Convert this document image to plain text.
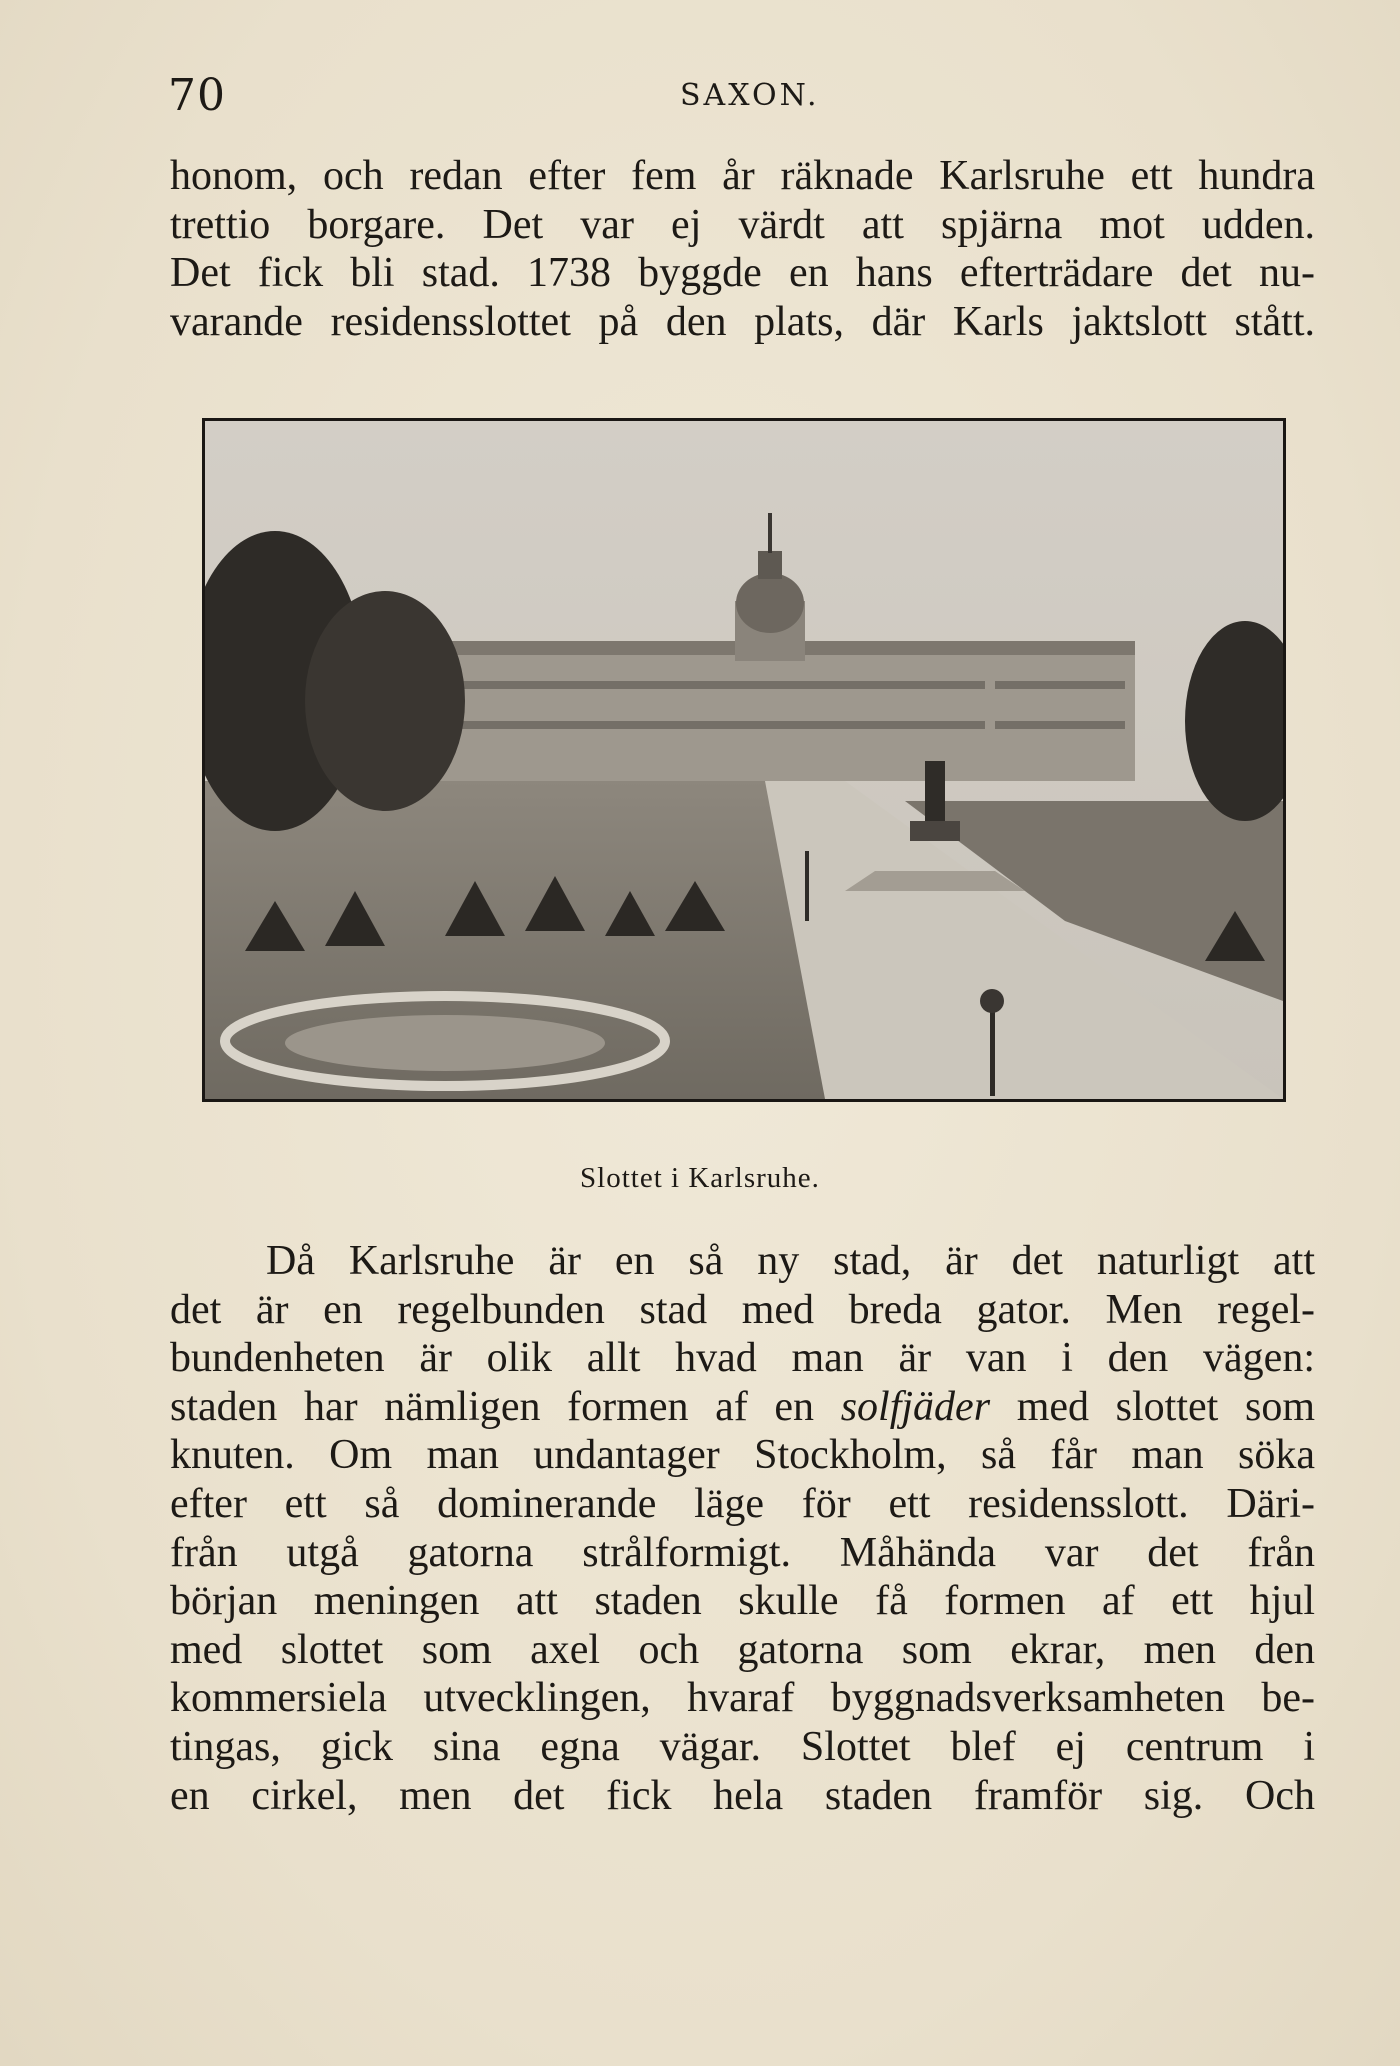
70	SAXON.
honom, och redan efter fem år räknade Karlsruhe ett hundra
trettio borgare. Det var ej värdt att spjärna mot udden.
Det fick bli stad. 1738 byggde en hans efterträdare det nu-
varande residensslottet på den plats, där Karls jaktslott stått.
Slottet i Karlsruhe.
Då Karlsruhe är en så ny stad, är det naturligt att
det är en regelbunden stad med breda gator. Men regel-
bundenheten är olik allt hvad man är van i den vägen:
staden har nämligen formen af en solfjäder med slottet som
knuten. Om man undantager Stockholm, så får man söka
efter ett så dominerande läge för ett residensslott. Däri-
från utgå gatorna strålformigt. Måhända var det från
början meningen att staden skulle få formen af ett hjul
med slottet som axel och gatorna som ekrar, men den
kommersiela utvecklingen, hvaraf byggnadsverksamheten be-
tingas, gick sina egna vägar. Slottet blef ej centrum i
en cirkel, men det fick hela staden framför sig. Och
